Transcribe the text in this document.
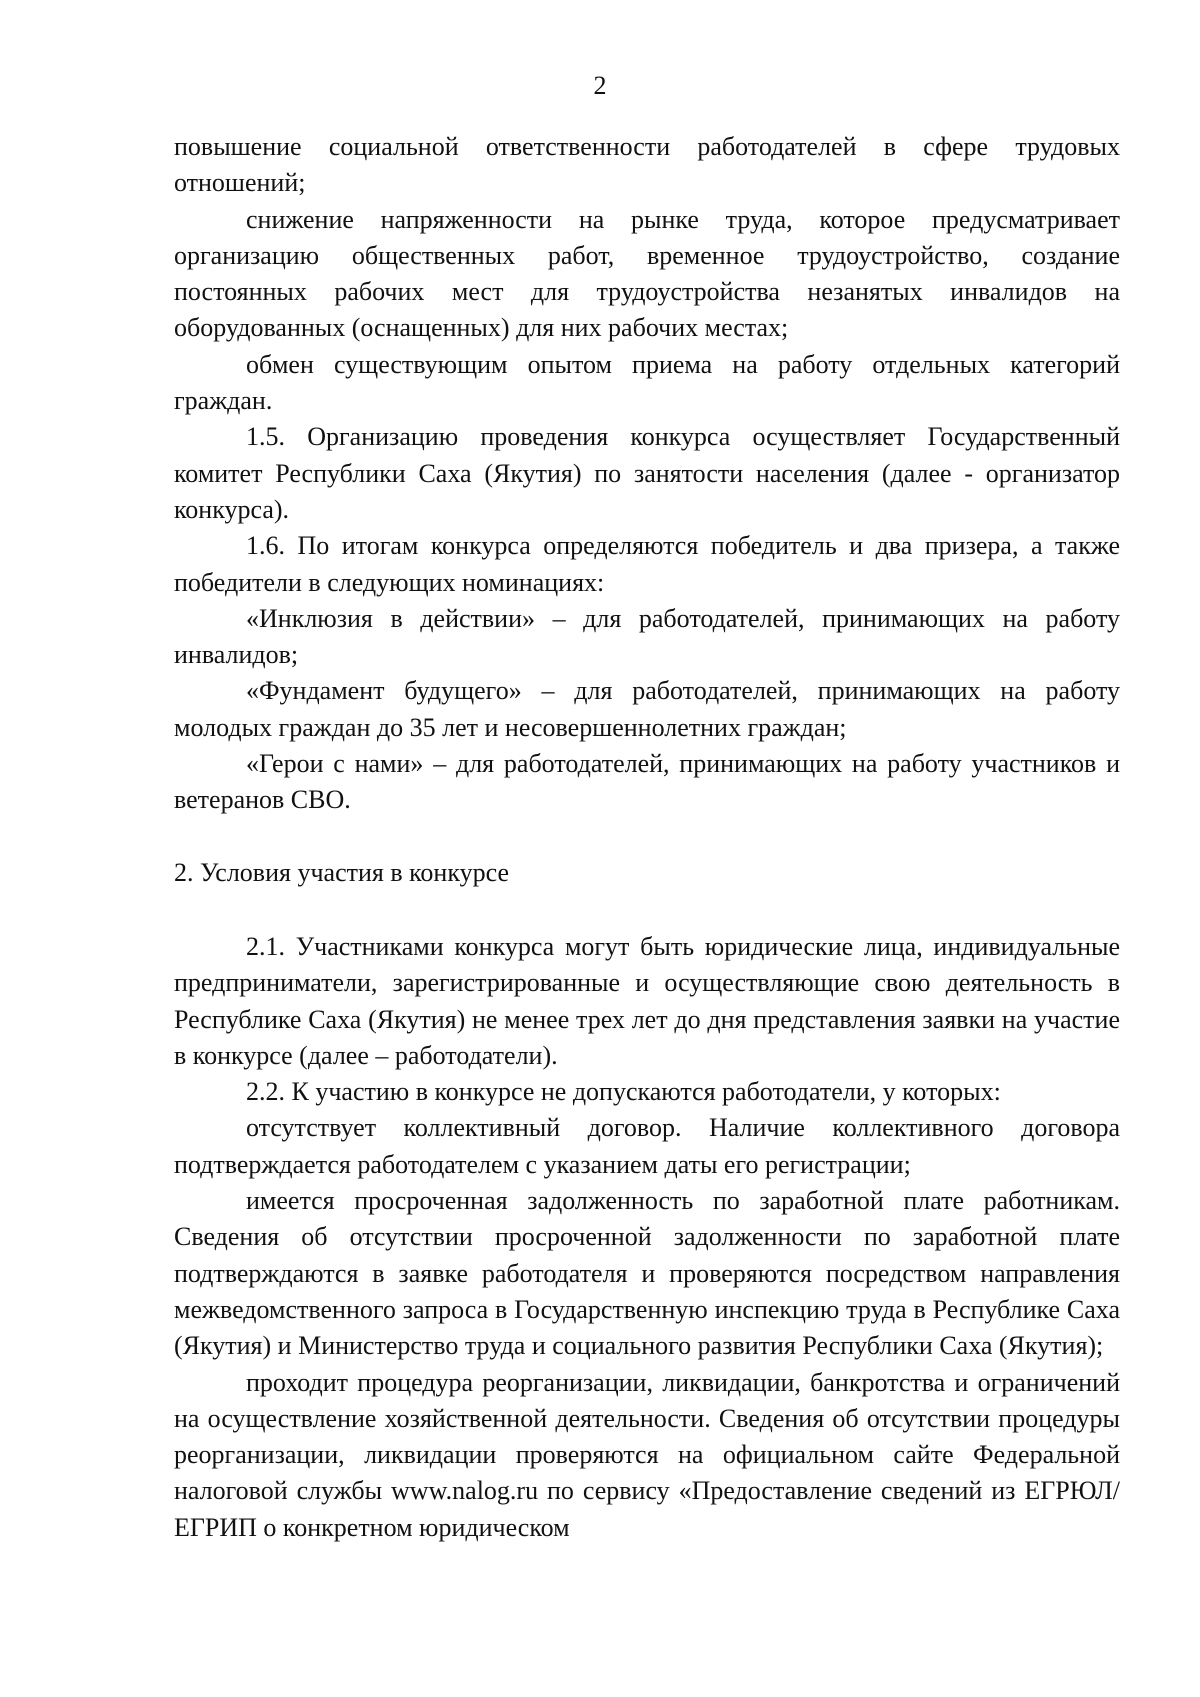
2

повышение социальной ответственности работодателей в сфере трудовых отношений;

снижение напряженности на рынке труда, которое предусматривает организацию общественных работ, временное трудоустройство, создание постоянных рабочих мест для трудоустройства незанятых инвалидов на оборудованных (оснащенных) для них рабочих местах;

обмен существующим опытом приема на работу отдельных категорий граждан.

1.5. Организацию проведения конкурса осуществляет Государственный комитет Республики Саха (Якутия) по занятости населения (далее - организатор конкурса).

1.6. По итогам конкурса определяются победитель и два призера, а также победители в следующих номинациях:

«Инклюзия в действии» – для работодателей, принимающих на работу инвалидов;

«Фундамент будущего» – для работодателей, принимающих на работу молодых граждан до 35 лет и несовершеннолетних граждан;

«Герои с нами» – для работодателей, принимающих на работу участников и ветеранов СВО.

2. Условия участия в конкурсе

2.1. Участниками конкурса могут быть юридические лица, индивидуальные предприниматели, зарегистрированные и осуществляющие свою деятельность в Республике Саха (Якутия) не менее трех лет до дня представления заявки на участие в конкурсе (далее – работодатели).

2.2. К участию в конкурсе не допускаются работодатели, у которых:

отсутствует коллективный договор. Наличие коллективного договора подтверждается работодателем с указанием даты его регистрации;

имеется просроченная задолженность по заработной плате работникам. Сведения об отсутствии просроченной задолженности по заработной плате подтверждаются в заявке работодателя и проверяются посредством направления межведомственного запроса в Государственную инспекцию труда в Республике Саха (Якутия) и Министерство труда и социального развития Республики Саха (Якутия);

проходит процедура реорганизации, ликвидации, банкротства и ограничений на осуществление хозяйственной деятельности. Сведения об отсутствии процедуры реорганизации, ликвидации проверяются на официальном сайте Федеральной налоговой службы www.nalog.ru по сервису «Предоставление сведений из ЕГРЮЛ/ЕГРИП о конкретном юридическом
